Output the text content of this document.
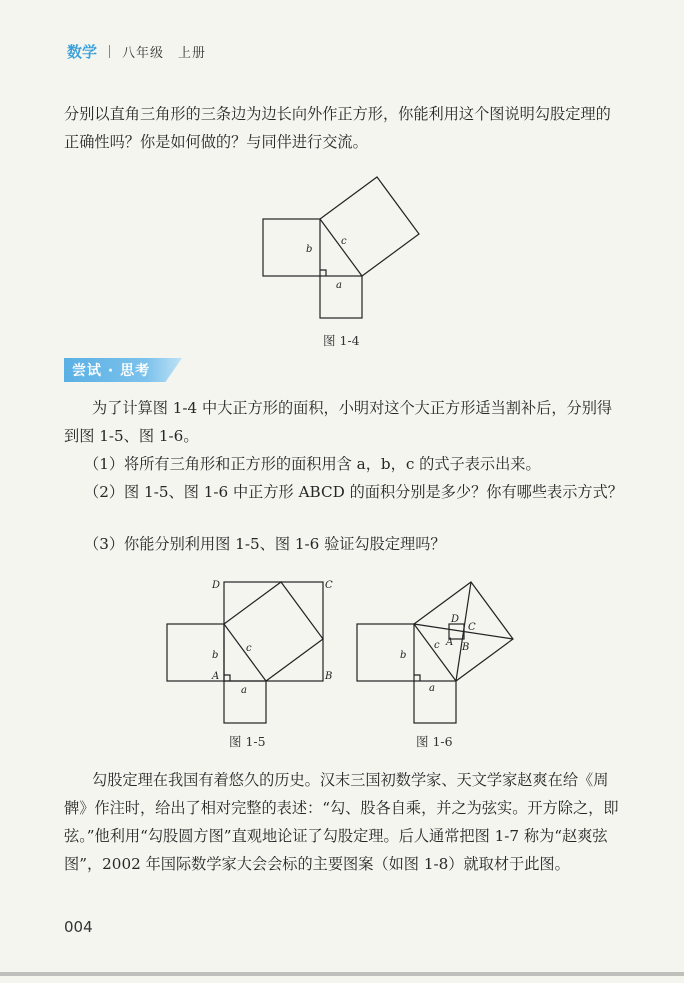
数学 八年级　上册
分别以直角三角形的三条边为边长向外作正方形，你能利用这个图说明勾股定理的正确性吗？你是如何做的？与同伴进行交流。
b
c
a
图 1-4
尝试 · 思考
为了计算图 1-4 中大正方形的面积，小明对这个大正方形适当割补后，分别得到图 1-5、图 1-6。
（1）将所有三角形和正方形的面积用含 a，b，c 的式子表示出来。
（2）图 1-5、图 1-6 中正方形 ABCD 的面积分别是多少？你有哪些表示方式？
（3）你能分别利用图 1-5、图 1-6 验证勾股定理吗？
D	C
A	B
b
c
a
图 1-5
D
C
A B
b
c
a
图 1-6
勾股定理在我国有着悠久的历史。汉末三国初数学家、天文学家赵爽在给《周髀》作注时，给出了相对完整的表述：“勾、股各自乘，并之为弦实。开方除之，即弦。”他利用“勾股圆方图”直观地论证了勾股定理。后人通常把图 1-7 称为“赵爽弦图”，2002 年国际数学家大会会标的主要图案（如图 1-8）就取材于此图。
004
